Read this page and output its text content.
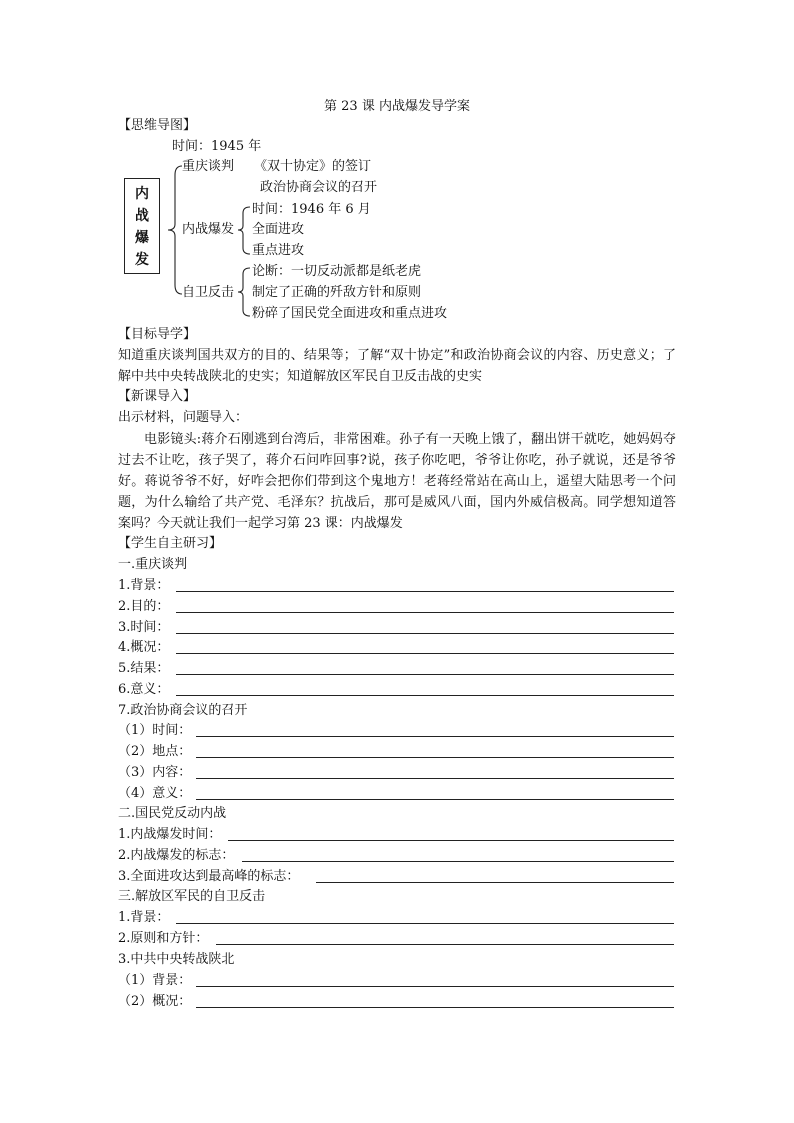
第 23 课 内战爆发导学案
【思维导图】
时间：1945 年
内
战
爆
发
重庆谈判 《双十协定》的签订
政治协商会议的召开
内战爆发
时间：1946 年 6 月
全面进攻
重点进攻
自卫反击
论断：一切反动派都是纸老虎
制定了正确的歼敌方针和原则
粉碎了国民党全面进攻和重点进攻
【目标导学】
知道重庆谈判国共双方的目的、结果等；了解“双十协定”和政治协商会议的内容、历史意义；了解中共中央转战陕北的史实；知道解放区军民自卫反击战的史实
【新课导入】
出示材料，问题导入：
电影镜头:蒋介石刚逃到台湾后，非常困难。孙子有一天晚上饿了，翻出饼干就吃，她妈妈夺过去不让吃，孩子哭了，蒋介石问咋回事?说，孩子你吃吧，爷爷让你吃，孙子就说，还是爷爷好。蒋说爷爷不好，好咋会把你们带到这个鬼地方！老蒋经常站在高山上，遥望大陆思考一个问题，为什么输给了共产党、毛泽东？抗战后，那可是威风八面，国内外威信极高。同学想知道答案吗？今天就让我们一起学习第 23 课：内战爆发
【学生自主研习】
一.重庆谈判
1.背景：
2.目的：
3.时间：
4.概况：
5.结果：
6.意义：
7.政治协商会议的召开
（1）时间：
（2）地点：
（3）内容：
（4）意义：
二.国民党反动内战
1.内战爆发时间：
2.内战爆发的标志：
3.全面进攻达到最高峰的标志：
三.解放区军民的自卫反击
1.背景：
2.原则和方针：
3.中共中央转战陕北
（1）背景：
（2）概况：
